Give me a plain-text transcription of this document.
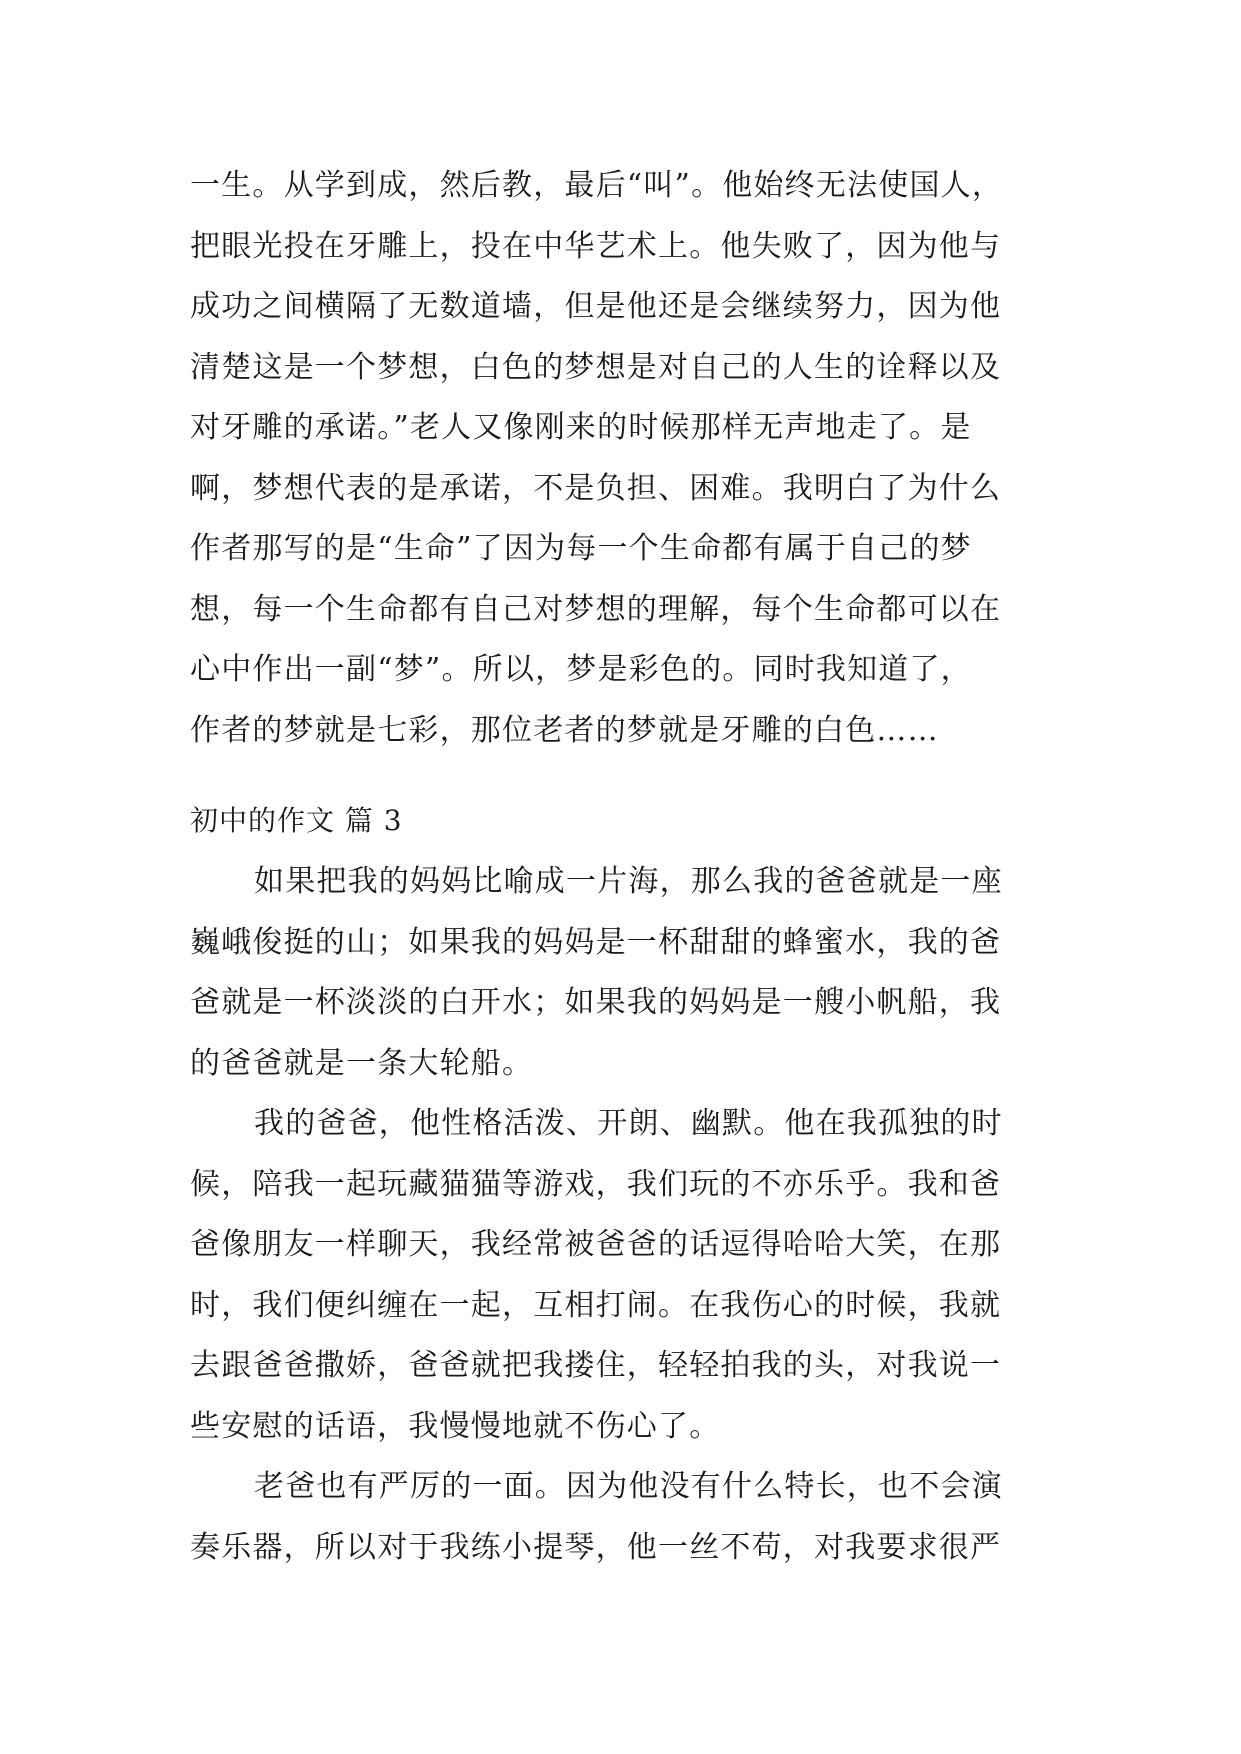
一生。从学到成，然后教，最后“叫”。他始终无法使国人，
把眼光投在牙雕上，投在中华艺术上。他失败了，因为他与
成功之间横隔了无数道墙，但是他还是会继续努力，因为他
清楚这是一个梦想，白色的梦想是对自己的人生的诠释以及
对牙雕的承诺。”老人又像刚来的时候那样无声地走了。是
啊，梦想代表的是承诺，不是负担、困难。我明白了为什么
作者那写的是“生命”了因为每一个生命都有属于自己的梦
想，每一个生命都有自己对梦想的理解，每个生命都可以在
心中作出一副“梦”。所以，梦是彩色的。同时我知道了，
作者的梦就是七彩，那位老者的梦就是牙雕的白色……
初中的作文 篇 3
如果把我的妈妈比喻成一片海，那么我的爸爸就是一座
巍峨俊挺的山；如果我的妈妈是一杯甜甜的蜂蜜水，我的爸
爸就是一杯淡淡的白开水；如果我的妈妈是一艘小帆船，我
的爸爸就是一条大轮船。
我的爸爸，他性格活泼、开朗、幽默。他在我孤独的时
候，陪我一起玩藏猫猫等游戏，我们玩的不亦乐乎。我和爸
爸像朋友一样聊天，我经常被爸爸的话逗得哈哈大笑，在那
时，我们便纠缠在一起，互相打闹。在我伤心的时候，我就
去跟爸爸撒娇，爸爸就把我搂住，轻轻拍我的头，对我说一
些安慰的话语，我慢慢地就不伤心了。
老爸也有严厉的一面。因为他没有什么特长，也不会演
奏乐器，所以对于我练小提琴，他一丝不苟，对我要求很严
